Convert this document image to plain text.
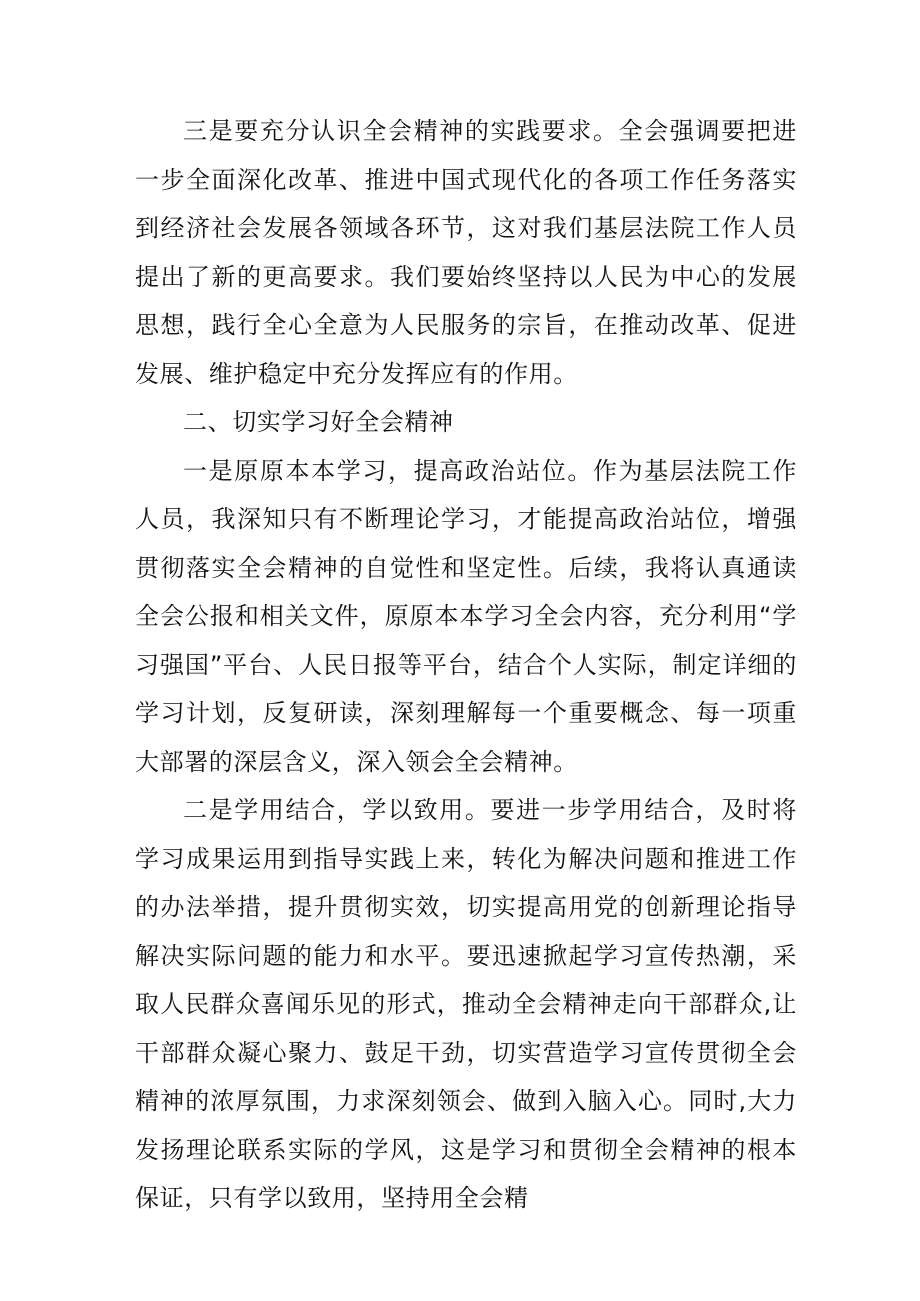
三是要充分认识全会精神的实践要求。全会强调要把进一步全面深化改革、推进中国式现代化的各项工作任务落实到经济社会发展各领域各环节，这对我们基层法院工作人员提出了新的更高要求。我们要始终坚持以人民为中心的发展思想，践行全心全意为人民服务的宗旨，在推动改革、促进发展、维护稳定中充分发挥应有的作用。

二、切实学习好全会精神

一是原原本本学习，提高政治站位。作为基层法院工作人员，我深知只有不断理论学习，才能提高政治站位，增强贯彻落实全会精神的自觉性和坚定性。后续，我将认真通读全会公报和相关文件，原原本本学习全会内容，充分利用“学习强国”平台、人民日报等平台，结合个人实际，制定详细的学习计划，反复研读，深刻理解每一个重要概念、每一项重大部署的深层含义，深入领会全会精神。

二是学用结合，学以致用。要进一步学用结合，及时将学习成果运用到指导实践上来，转化为解决问题和推进工作的办法举措，提升贯彻实效，切实提高用党的创新理论指导解决实际问题的能力和水平。要迅速掀起学习宣传热潮，采取人民群众喜闻乐见的形式，推动全会精神走向干部群众,让干部群众凝心聚力、鼓足干劲，切实营造学习宣传贯彻全会精神的浓厚氛围，力求深刻领会、做到入脑入心。同时,大力发扬理论联系实际的学风，这是学习和贯彻全会精神的根本保证，只有学以致用，坚持用全会精
